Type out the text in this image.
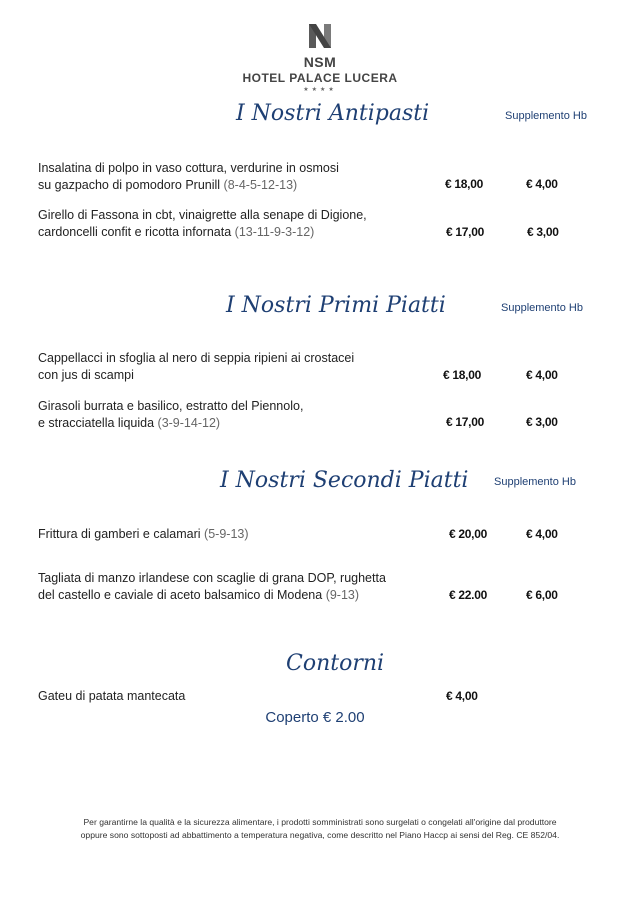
NSM
HOTEL PALACE LUCERA
★★★★
I Nostri Antipasti	Supplemento Hb
Insalatina di polpo in vaso cottura, verdurine in osmosi
su gazpacho di pomodoro Prunill (8-4-5-12-13)	€ 18,00	€ 4,00
Girello di Fassona in cbt, vinaigrette alla senape di Digione,
cardoncelli confit e ricotta infornata (13-11-9-3-12)	€ 17,00	€ 3,00
I Nostri Primi Piatti	Supplemento Hb
Cappellacci in sfoglia al nero di seppia ripieni ai crostacei
con jus di scampi	€ 18,00	€ 4,00
Girasoli burrata e basilico, estratto del Piennolo,
e stracciatella liquida (3-9-14-12)	€ 17,00	€ 3,00
I Nostri Secondi Piatti Supplemento Hb
Frittura di gamberi e calamari (5-9-13)	€ 20,00	€ 4,00
Tagliata di manzo irlandese con scaglie di grana DOP, rughetta
del castello e caviale di aceto balsamico di Modena (9-13)	€ 22.00	€ 6,00
Contorni
Gateu di patata mantecata	€ 4,00
Coperto € 2.00
Per garantirne la qualità e la sicurezza alimentare, i prodotti somministrati sono surgelati o congelati all'origine dal produttore
oppure sono sottoposti ad abbattimento a temperatura negativa, come descritto nel Piano Haccp ai sensi del Reg. CE 852/04.
